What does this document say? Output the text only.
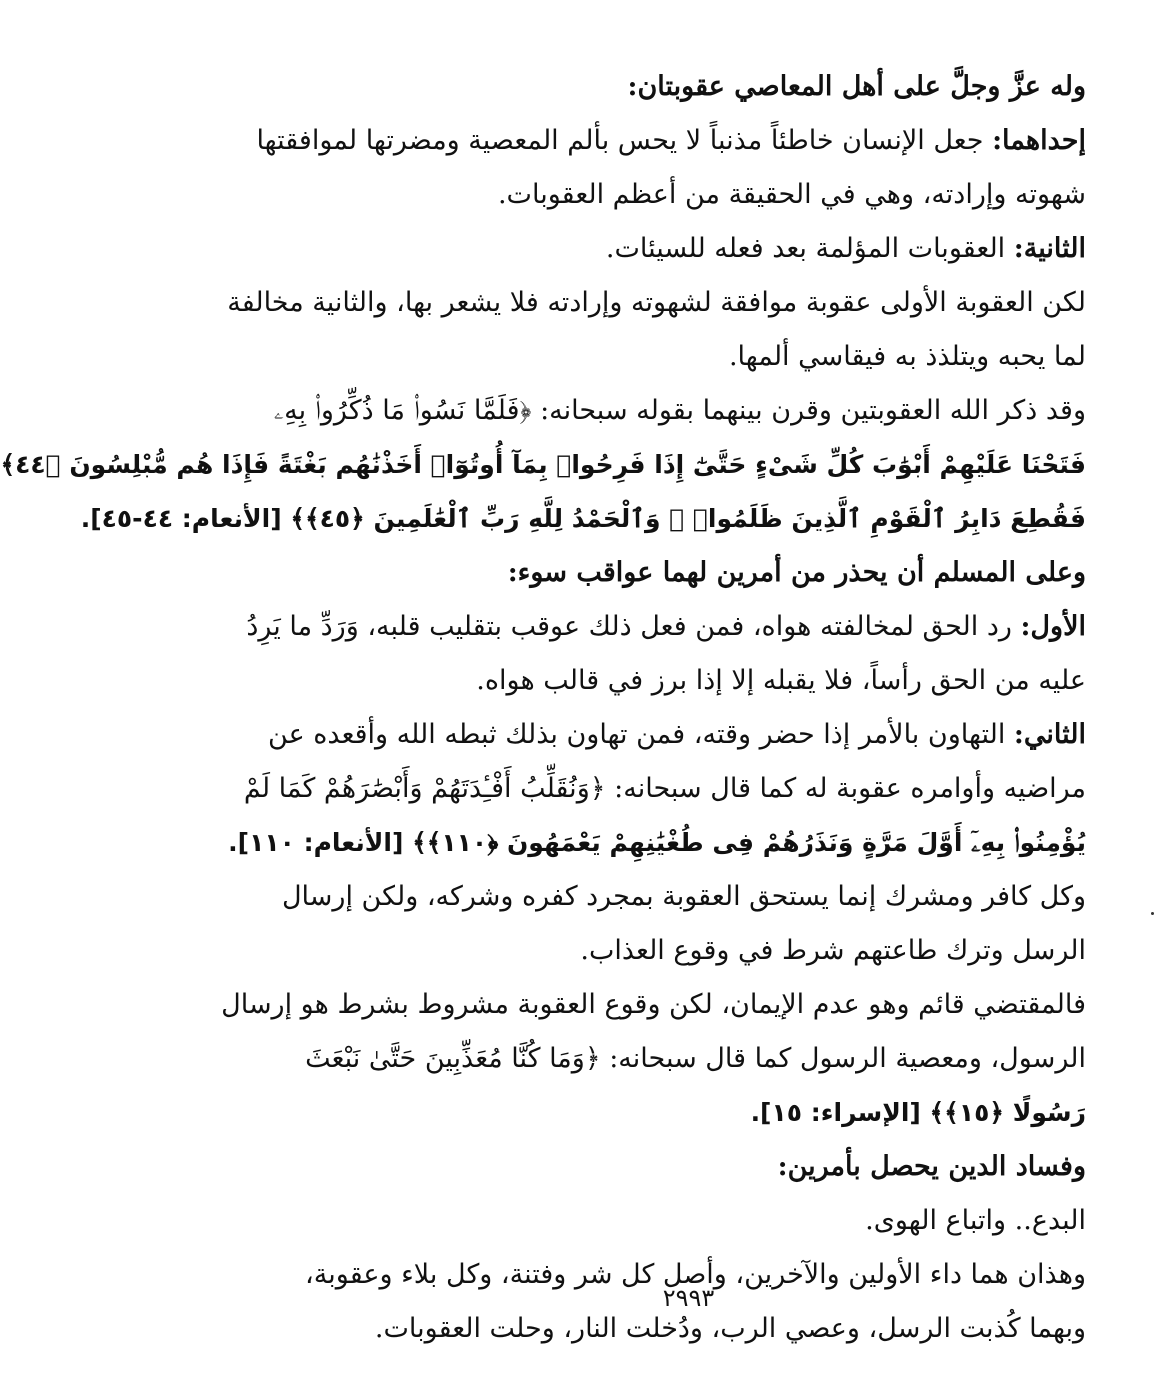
وله عزَّ وجلَّ على أهل المعاصي عقوبتان:
إحداهما: جعل الإنسان خاطئاً مذنباً لا يحس بألم المعصية ومضرتها لموافقتها
شهوته وإرادته، وهي في الحقيقة من أعظم العقوبات.
الثانية: العقوبات المؤلمة بعد فعله للسيئات.
لكن العقوبة الأولى عقوبة موافقة لشهوته وإرادته فلا يشعر بها، والثانية مخالفة
لما يحبه ويتلذذ به فيقاسي ألمها.
وقد ذكر الله العقوبتين وقرن بينهما بقوله سبحانه: ﴿فَلَمَّا نَسُوا۟ مَا ذُكِّرُوا۟ بِهِۦ
فَتَحْنَا عَلَيْهِمْ أَبْوَٰبَ كُلِّ شَىْءٍ حَتَّىٰٓ إِذَا فَرِحُوا۟ بِمَآ أُوتُوٓا۟ أَخَذْنَٰهُم بَغْتَةً فَإِذَا هُم مُّبْلِسُونَ ﴿٤٤﴾
فَقُطِعَ دَابِرُ ٱلْقَوْمِ ٱلَّذِينَ ظَلَمُوا۟ ۚ وَٱلْحَمْدُ لِلَّهِ رَبِّ ٱلْعَٰلَمِينَ ﴿٤٥﴾﴾ [الأنعام: ٤٤-٤٥].
وعلى المسلم أن يحذر من أمرين لهما عواقب سوء:
الأول: رد الحق لمخالفته هواه، فمن فعل ذلك عوقب بتقليب قلبه، وَرَدِّ ما يَرِدُ
عليه من الحق رأساً، فلا يقبله إلا إذا برز في قالب هواه.
الثاني: التهاون بالأمر إذا حضر وقته، فمن تهاون بذلك ثبطه الله وأقعده عن
مراضيه وأوامره عقوبة له كما قال سبحانه: ﴿وَنُقَلِّبُ أَفْـِٔدَتَهُمْ وَأَبْصَٰرَهُمْ كَمَا لَمْ
يُؤْمِنُوا۟ بِهِۦٓ أَوَّلَ مَرَّةٍ وَنَذَرُهُمْ فِى طُغْيَٰنِهِمْ يَعْمَهُونَ ﴿١١٠﴾﴾ [الأنعام: ١١٠].
وكل كافر ومشرك إنما يستحق العقوبة بمجرد كفره وشركه، ولكن إرسال
الرسل وترك طاعتهم شرط في وقوع العذاب.
فالمقتضي قائم وهو عدم الإيمان، لكن وقوع العقوبة مشروط بشرط هو إرسال
الرسول، ومعصية الرسول كما قال سبحانه: ﴿وَمَا كُنَّا مُعَذِّبِينَ حَتَّىٰ نَبْعَثَ
رَسُولًا ﴿١٥﴾﴾ [الإسراء: ١٥].
وفساد الدين يحصل بأمرين:
البدع.. واتباع الهوى.
وهذان هما داء الأولين والآخرين، وأصل كل شر وفتنة، وكل بلاء وعقوبة،
وبهما كُذبت الرسل، وعصي الرب، ودُخلت النار، وحلت العقوبات.
٢٩٩٣
